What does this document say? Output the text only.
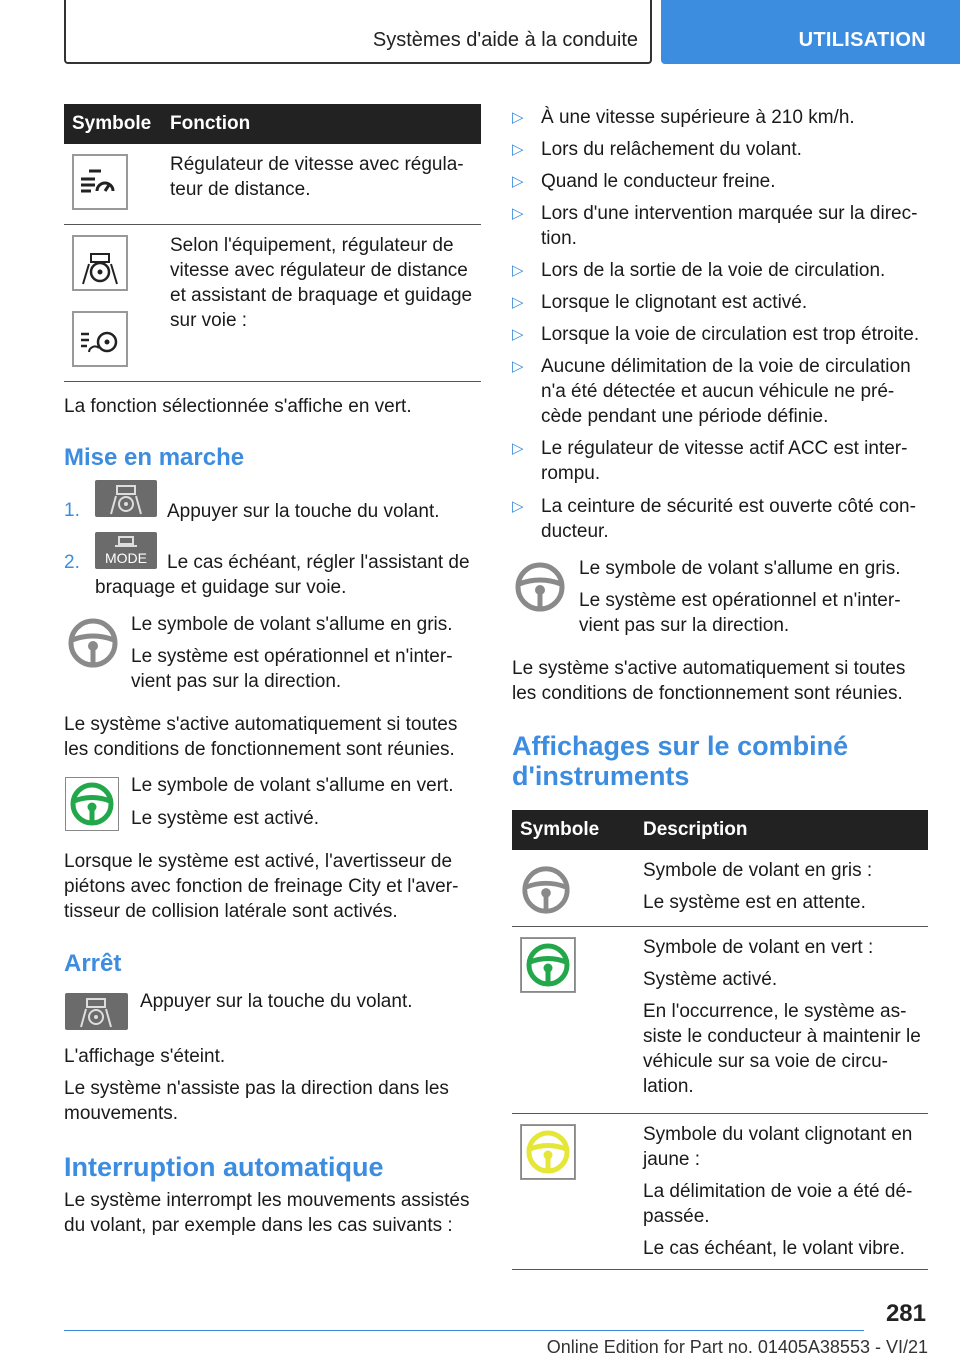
Systèmes d'aide à la conduite	UTILISATION
Symbole	Fonction

	Régulateur de vitesse avec régula-teur de distance.

	Selon l'équipement, régulateur de vitesse avec régulateur de distance et assistant de braquage et guidage sur voie :

La fonction sélectionnée s'affiche en vert.

Mise en marche
1.	Appuyer sur la touche du volant.

2.	MODE	Le cas échéant, régler l'assistant de braquage et guidage sur voie.

Le symbole de volant s'allume en gris.

Le système est opérationnel et n'inter-vient pas sur la direction.

Le système s'active automatiquement si toutes les conditions de fonctionnement sont réunies.

Le symbole de volant s'allume en vert.

Le système est activé.

Lorsque le système est activé, l'avertisseur de piétons avec fonction de freinage City et l'aver-tisseur de collision latérale sont activés.

Arrêt

Appuyer sur la touche du volant.

L'affichage s'éteint.

Le système n'assiste pas la direction dans les mouvements.

Interruption automatique

Le système interrompt les mouvements assistés du volant, par exemple dans les cas suivants :

▷ À une vitesse supérieure à 210 km/h.

▷ Lors du relâchement du volant.

▷ Quand le conducteur freine.

▷ Lors d'une intervention marquée sur la direc-tion.

▷ Lors de la sortie de la voie de circulation.

▷ Lorsque le clignotant est activé.

▷ Lorsque la voie de circulation est trop étroite.

▷ Aucune délimitation de la voie de circulation n'a été détectée et aucun véhicule ne pré-cède pendant une période définie.

▷ Le régulateur de vitesse actif ACC est inter-rompu.

▷ La ceinture de sécurité est ouverte côté con-ducteur.

Le symbole de volant s'allume en gris.

Le système est opérationnel et n'inter-vient pas sur la direction.

Le système s'active automatiquement si toutes les conditions de fonctionnement sont réunies.

Affichages sur le combiné d'instruments
Symbole	Description

Symbole de volant en gris :
Le système est en attente.

Symbole de volant en vert :
Système activé.
En l'occurrence, le système as-siste le conducteur à maintenir le véhicule sur sa voie de circu-lation.

Symbole du volant clignotant en jaune :
La délimitation de voie a été dé-passée.
Le cas échéant, le volant vibre.
281
Online Edition for Part no. 01405A38553 - VI/21
